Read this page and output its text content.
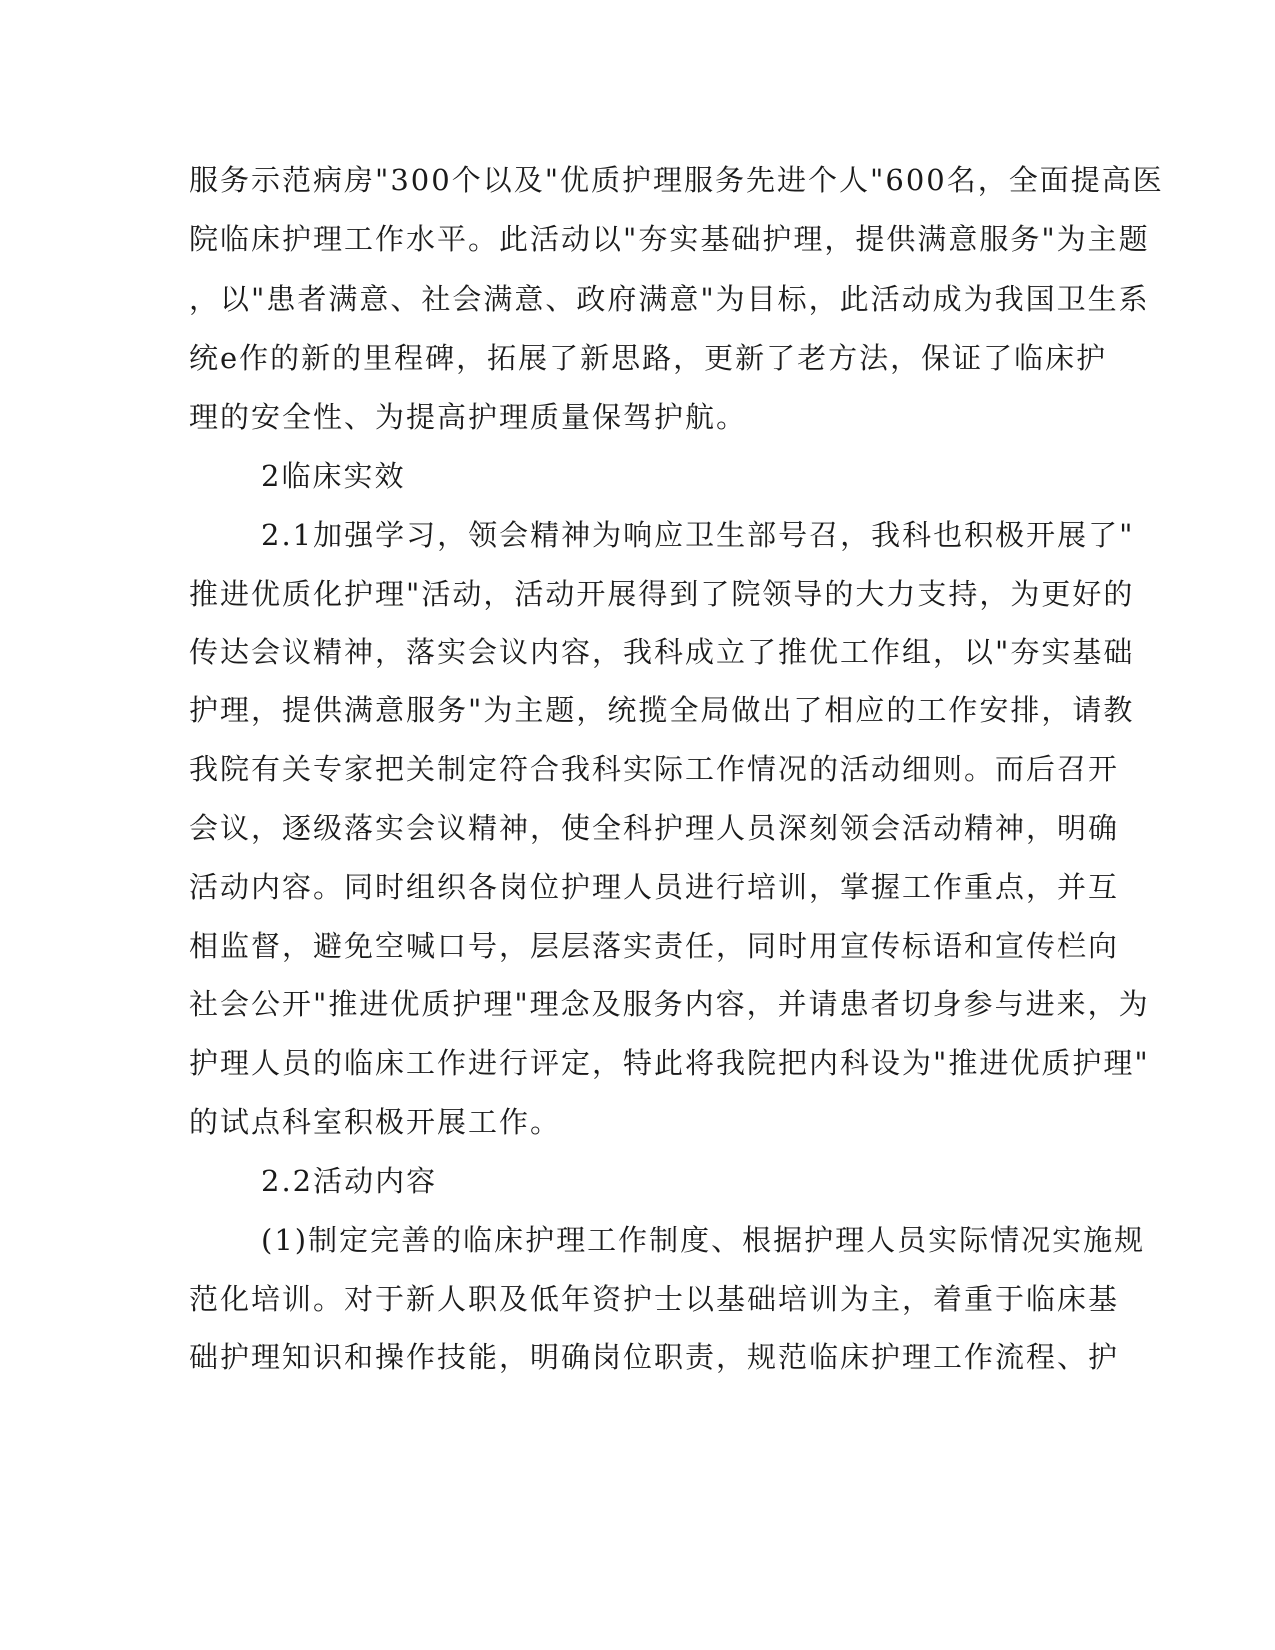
服务示范病房"300个以及"优质护理服务先进个人"600名，全面提高医
院临床护理工作水平。此活动以"夯实基础护理，提供满意服务"为主题
，以"患者满意、社会满意、政府满意"为目标，此活动成为我国卫生系
统e作的新的里程碑，拓展了新思路，更新了老方法，保证了临床护
理的安全性、为提高护理质量保驾护航。
2临床实效
2.1加强学习，领会精神为响应卫生部号召，我科也积极开展了"
推进优质化护理"活动，活动开展得到了院领导的大力支持，为更好的
传达会议精神，落实会议内容，我科成立了推优工作组，以"夯实基础
护理，提供满意服务"为主题，统揽全局做出了相应的工作安排，请教
我院有关专家把关制定符合我科实际工作情况的活动细则。而后召开
会议，逐级落实会议精神，使全科护理人员深刻领会活动精神，明确
活动内容。同时组织各岗位护理人员进行培训，掌握工作重点，并互
相监督，避免空喊口号，层层落实责任，同时用宣传标语和宣传栏向
社会公开"推进优质护理"理念及服务内容，并请患者切身参与进来，为
护理人员的临床工作进行评定，特此将我院把内科设为"推进优质护理"
的试点科室积极开展工作。
2.2活动内容
(1)制定完善的临床护理工作制度、根据护理人员实际情况实施规
范化培训。对于新人职及低年资护士以基础培训为主，着重于临床基
础护理知识和操作技能，明确岗位职责，规范临床护理工作流程、护
